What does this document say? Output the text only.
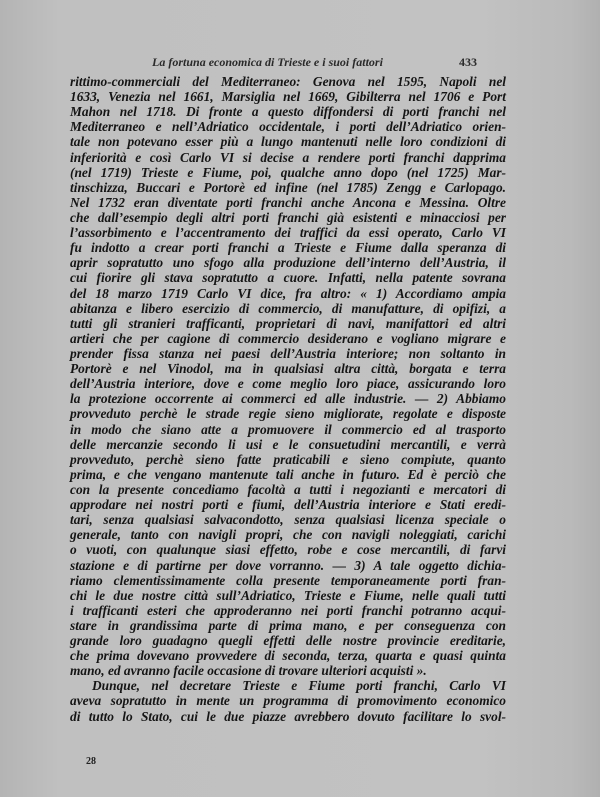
La fortuna economica di Trieste e i suoi fattori	433
rittimo-commerciali del Mediterraneo: Genova nel 1595, Napoli nel
1633, Venezia nel 1661, Marsiglia nel 1669, Gibilterra nel 1706 e Port
Mahon nel 1718. Di fronte a questo diffondersi di porti franchi nel
Mediterraneo e nell’Adriatico occidentale, i porti dell’Adriatico orien-
tale non potevano esser più a lungo mantenuti nelle loro condizioni di
inferiorità e così Carlo VI si decise a rendere porti franchi dapprima
(nel 1719) Trieste e Fiume, poi, qualche anno dopo (nel 1725) Mar-
tinschizza, Buccari e Portorè ed infine (nel 1785) Zengg e Carlopago.
Nel 1732 eran diventate porti franchi anche Ancona e Messina. Oltre
che dall’esempio degli altri porti franchi già esistenti e minacciosi per
l’assorbimento e l’accentramento dei traffici da essi operato, Carlo VI
fu indotto a crear porti franchi a Trieste e Fiume dalla speranza di
aprir sopratutto uno sfogo alla produzione dell’interno dell’Austria, il
cui fiorire gli stava sopratutto a cuore. Infatti, nella patente sovrana
del 18 marzo 1719 Carlo VI dice, fra altro: « 1) Accordiamo ampia
abitanza e libero esercizio di commercio, di manufatture, di opifizi, a
tutti gli stranieri trafficanti, proprietari di navi, manifattori ed altri
artieri che per cagione di commercio desiderano e vogliano migrare e
prender fissa stanza nei paesi dell’Austria interiore; non soltanto in
Portorè e nel Vinodol, ma in qualsiasi altra città, borgata e terra
dell’Austria interiore, dove e come meglio loro piace, assicurando loro
la protezione occorrente ai commerci ed alle industrie. — 2) Abbiamo
provveduto perchè le strade regie sieno migliorate, regolate e disposte
in modo che siano atte a promuovere il commercio ed al trasporto
delle mercanzie secondo li usi e le consuetudini mercantili, e verrà
provveduto, perchè sieno fatte praticabili e sieno compiute, quanto
prima, e che vengano mantenute tali anche in futuro. Ed è perciò che
con la presente concediamo facoltà a tutti i negozianti e mercatori di
approdare nei nostri porti e fiumi, dell’Austria interiore e Stati eredi-
tari, senza qualsiasi salvacondotto, senza qualsiasi licenza speciale o
generale, tanto con navigli propri, che con navigli noleggiati, carichi
o vuoti, con qualunque siasi effetto, robe e cose mercantili, di farvi
stazione e di partirne per dove vorranno. — 3) A tale oggetto dichia-
riamo clementissimamente colla presente temporaneamente porti fran-
chi le due nostre città sull’Adriatico, Trieste e Fiume, nelle quali tutti
i trafficanti esteri che approderanno nei porti franchi potranno acqui-
stare in grandissima parte di prima mano, e per conseguenza con
grande loro guadagno quegli effetti delle nostre provincie ereditarie,
che prima dovevano provvedere di seconda, terza, quarta e quasi quinta
mano, ed avranno facile occasione di trovare ulteriori acquisti ».
Dunque, nel decretare Trieste e Fiume porti franchi, Carlo VI
aveva sopratutto in mente un programma di promovimento economico
di tutto lo Stato, cui le due piazze avrebbero dovuto facilitare lo svol-
28
